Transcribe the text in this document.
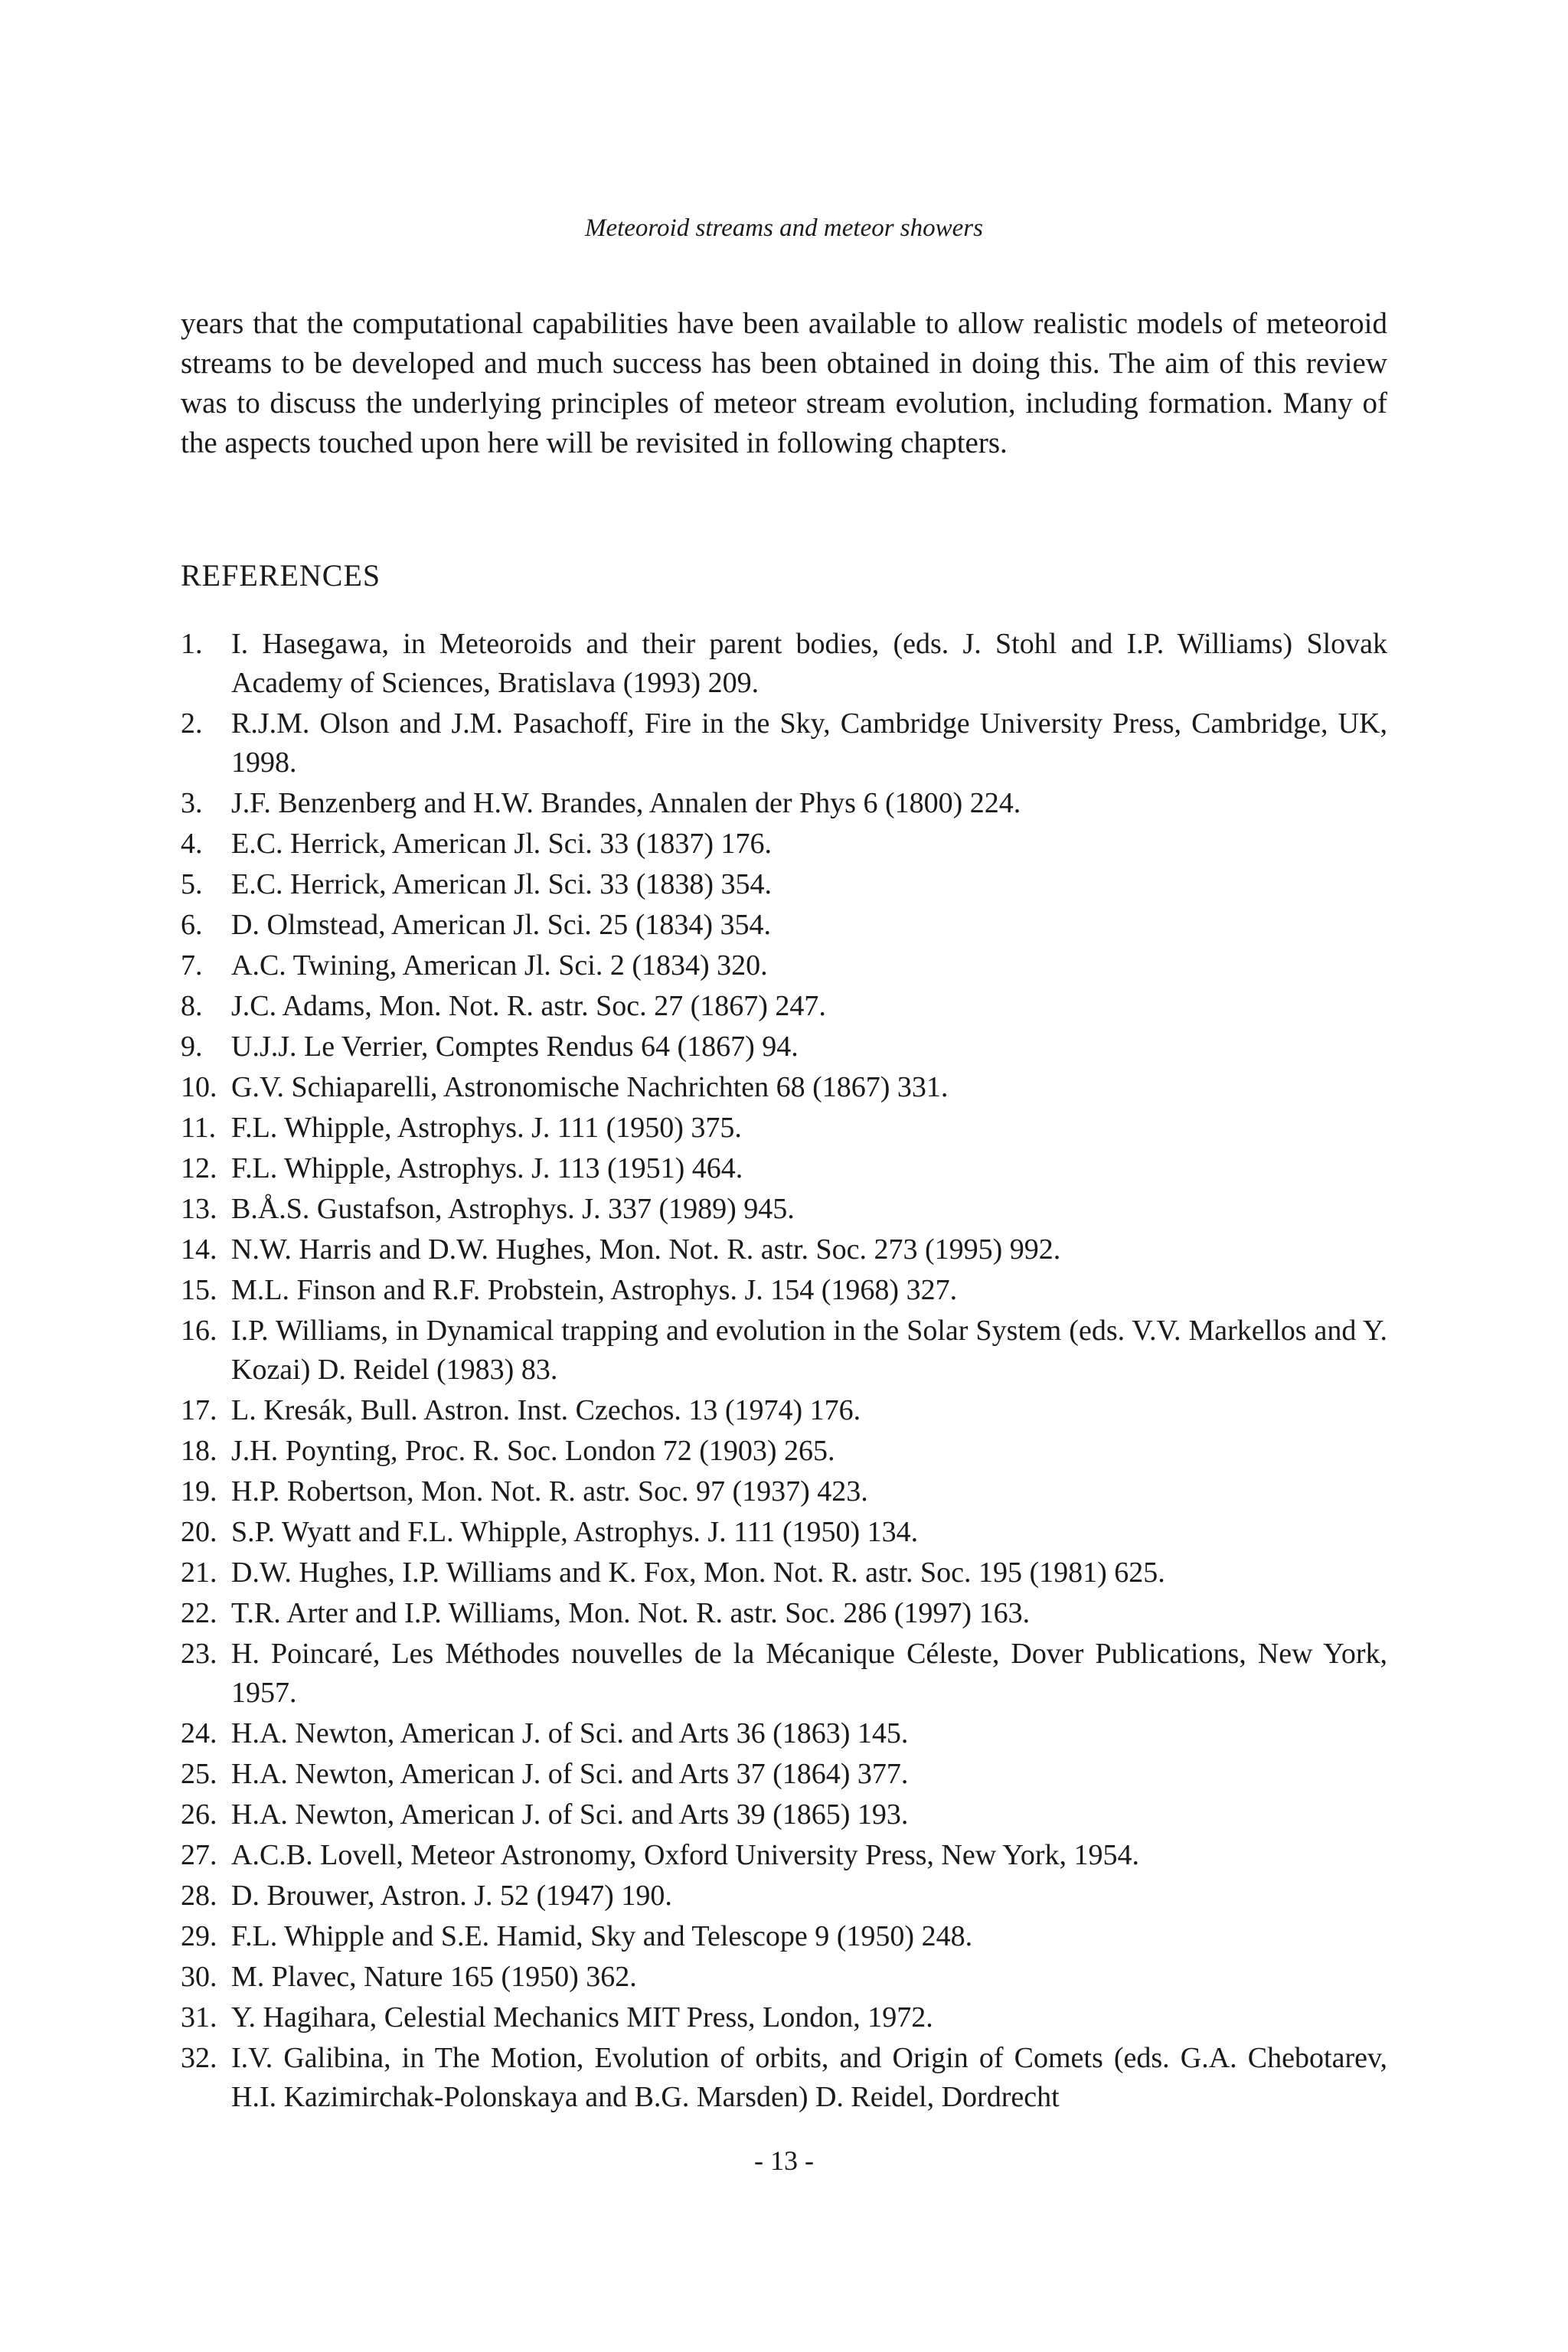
Meteoroid streams and meteor showers

years that the computational capabilities have been available to allow realistic models of meteoroid streams to be developed and much success has been obtained in doing this. The aim of this review was to discuss the underlying principles of meteor stream evolution, including formation. Many of the aspects touched upon here will be revisited in following chapters.

REFERENCES
1. I. Hasegawa, in Meteoroids and their parent bodies, (eds. J. Stohl and I.P. Williams) Slovak Academy of Sciences, Bratislava (1993) 209.
2. R.J.M. Olson and J.M. Pasachoff, Fire in the Sky, Cambridge University Press, Cambridge, UK, 1998.
3. J.F. Benzenberg and H.W. Brandes, Annalen der Phys 6 (1800) 224.
4. E.C. Herrick, American Jl. Sci. 33 (1837) 176.
5. E.C. Herrick, American Jl. Sci. 33 (1838) 354.
6. D. Olmstead, American Jl. Sci. 25 (1834) 354.
7. A.C. Twining, American Jl. Sci. 2 (1834) 320.
8. J.C. Adams, Mon. Not. R. astr. Soc. 27 (1867) 247.
9. U.J.J. Le Verrier, Comptes Rendus 64 (1867) 94.
10. G.V. Schiaparelli, Astronomische Nachrichten 68 (1867) 331.
11. F.L. Whipple, Astrophys. J. 111 (1950) 375.
12. F.L. Whipple, Astrophys. J. 113 (1951) 464.
13. B.Å.S. Gustafson, Astrophys. J. 337 (1989) 945.
14. N.W. Harris and D.W. Hughes, Mon. Not. R. astr. Soc. 273 (1995) 992.
15. M.L. Finson and R.F. Probstein, Astrophys. J. 154 (1968) 327.
16. I.P. Williams, in Dynamical trapping and evolution in the Solar System (eds. V.V. Markellos and Y. Kozai) D. Reidel (1983) 83.
17. L. Kresák, Bull. Astron. Inst. Czechos. 13 (1974) 176.
18. J.H. Poynting, Proc. R. Soc. London 72 (1903) 265.
19. H.P. Robertson, Mon. Not. R. astr. Soc. 97 (1937) 423.
20. S.P. Wyatt and F.L. Whipple, Astrophys. J. 111 (1950) 134.
21. D.W. Hughes, I.P. Williams and K. Fox, Mon. Not. R. astr. Soc. 195 (1981) 625.
22. T.R. Arter and I.P. Williams, Mon. Not. R. astr. Soc. 286 (1997) 163.
23. H. Poincaré, Les Méthodes nouvelles de la Mécanique Céleste, Dover Publications, New York, 1957.
24. H.A. Newton, American J. of Sci. and Arts 36 (1863) 145.
25. H.A. Newton, American J. of Sci. and Arts 37 (1864) 377.
26. H.A. Newton, American J. of Sci. and Arts 39 (1865) 193.
27. A.C.B. Lovell, Meteor Astronomy, Oxford University Press, New York, 1954.
28. D. Brouwer, Astron. J. 52 (1947) 190.
29. F.L. Whipple and S.E. Hamid, Sky and Telescope 9 (1950) 248.
30. M. Plavec, Nature 165 (1950) 362.
31. Y. Hagihara, Celestial Mechanics MIT Press, London, 1972.
32. I.V. Galibina, in The Motion, Evolution of orbits, and Origin of Comets (eds. G.A. Chebotarev, H.I. Kazimirchak-Polonskaya and B.G. Marsden) D. Reidel, Dordrecht
- 13 -
